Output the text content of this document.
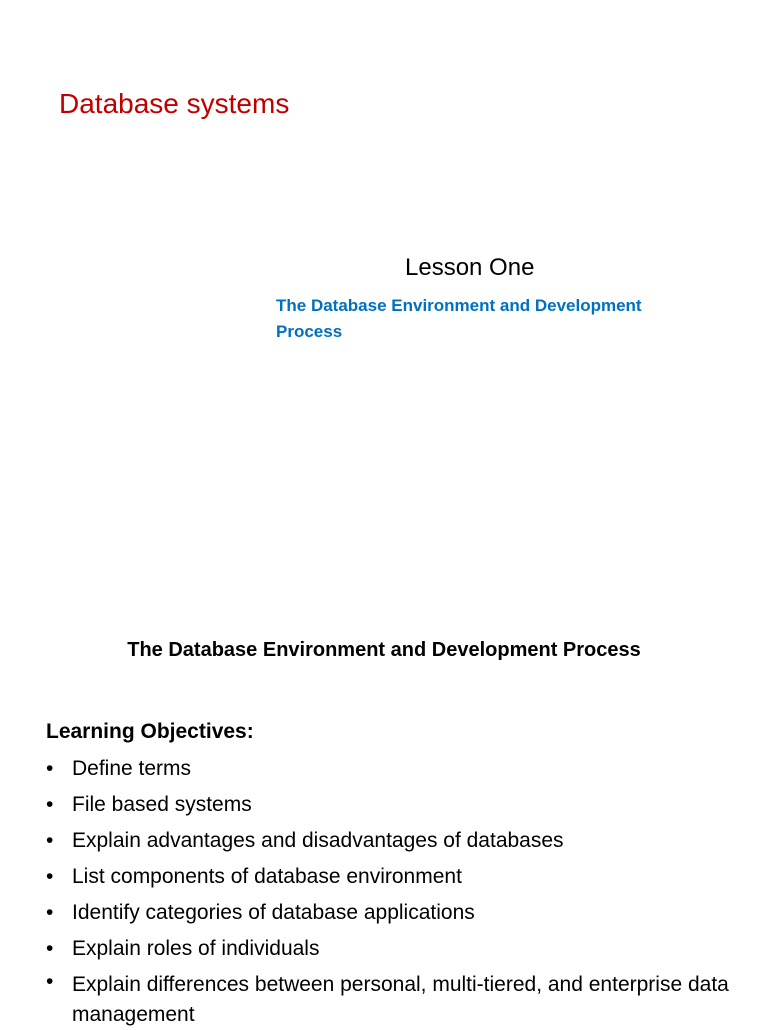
Database systems
Lesson One
The Database Environment and Development Process
The Database Environment and Development Process
Learning Objectives:
• Define terms
• File based systems
• Explain advantages and disadvantages of databases
• List components of database environment
• Identify categories of database applications
• Explain roles of individuals
• Explain differences between personal, multi-tiered, and enterprise data management
